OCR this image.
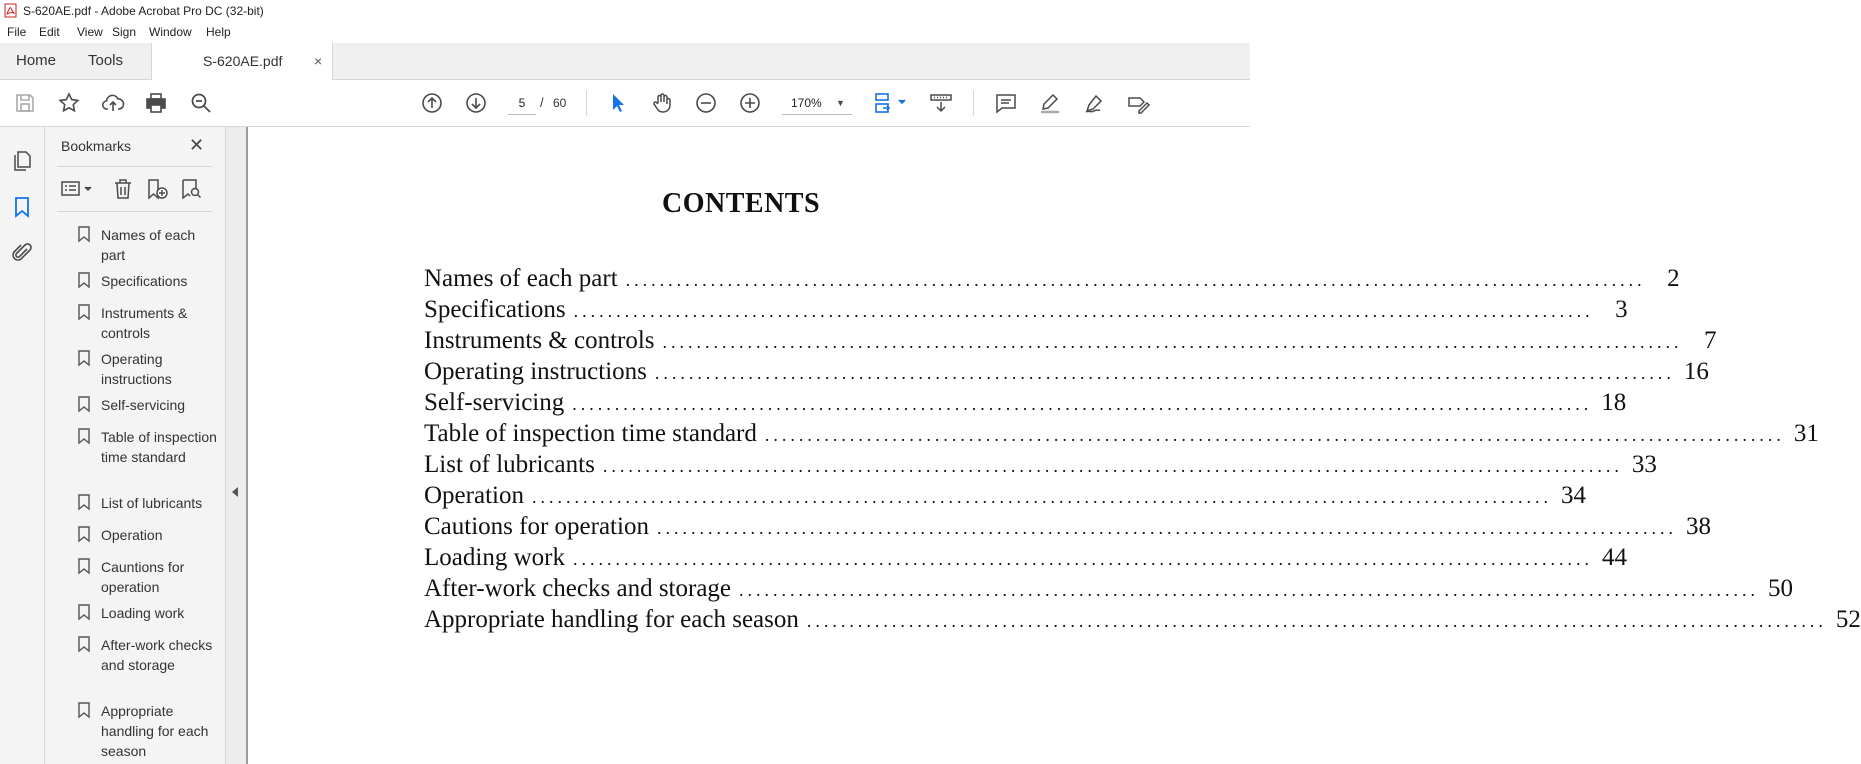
S-620AE.pdf - Adobe Acrobat Pro DC (32-bit)
File Edit View Sign Window Help
Home Tools	S-620AE.pdf ×
5	/ 60	170% ▼
Bookmarks	✕
Names of each part
Specifications
Instruments & controls
Operating instructions
Self-servicing
Table of inspection time standard
List of lubricants
Operation
Cauntions for operation
Loading work
After-work checks and storage
Appropriate handling for each season
CONTENTS
Names of each part ........................................................................................................................ 2
Specifications ........................................................................................................................ 3
Instruments & controls ........................................................................................................................ 7
Operating instructions ........................................................................................................................ 16
Self-servicing ........................................................................................................................ 18
Table of inspection time standard ........................................................................................................................ 31
List of lubricants ........................................................................................................................ 33
Operation ........................................................................................................................ 34
Cautions for operation ........................................................................................................................ 38
Loading work ........................................................................................................................ 44
After-work checks and storage ........................................................................................................................ 50
Appropriate handling for each season ........................................................................................................................ 52
